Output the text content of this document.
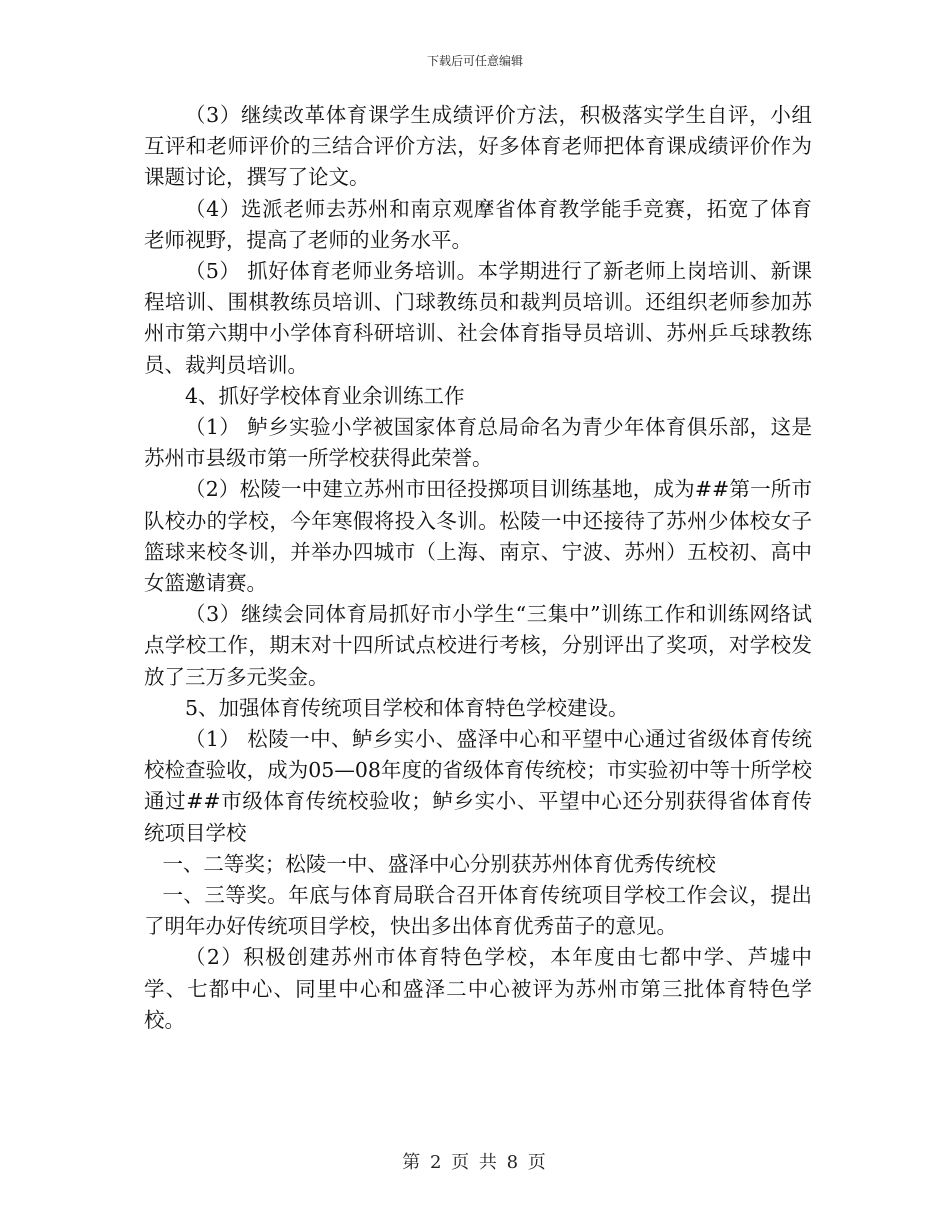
下载后可任意编辑

（3）继续改革体育课学生成绩评价方法，积极落实学生自评，小组互评和老师评价的三结合评价方法，好多体育老师把体育课成绩评价作为课题讨论，撰写了论文。

（4）选派老师去苏州和南京观摩省体育教学能手竞赛，拓宽了体育老师视野，提高了老师的业务水平。

（5） 抓好体育老师业务培训。本学期进行了新老师上岗培训、新课程培训、围棋教练员培训、门球教练员和裁判员培训。还组织老师参加苏州市第六期中小学体育科研培训、社会体育指导员培训、苏州乒乓球教练员、裁判员培训。

4、抓好学校体育业余训练工作

（1） 鲈乡实验小学被国家体育总局命名为青少年体育俱乐部，这是苏州市县级市第一所学校获得此荣誉。

（2）松陵一中建立苏州市田径投掷项目训练基地，成为##第一所市队校办的学校，今年寒假将投入冬训。松陵一中还接待了苏州少体校女子篮球来校冬训，并举办四城市（上海、南京、宁波、苏州）五校初、高中女篮邀请赛。

（3）继续会同体育局抓好市小学生“三集中”训练工作和训练网络试点学校工作，期末对十四所试点校进行考核，分别评出了奖项，对学校发放了三万多元奖金。

5、加强体育传统项目学校和体育特色学校建设。

（1） 松陵一中、鲈乡实小、盛泽中心和平望中心通过省级体育传统校检查验收，成为05—08年度的省级体育传统校；市实验初中等十所学校通过##市级体育传统校验收；鲈乡实小、平望中心还分别获得省体育传统项目学校

一、二等奖；松陵一中、盛泽中心分别获苏州体育优秀传统校

一、三等奖。年底与体育局联合召开体育传统项目学校工作会议，提出了明年办好传统项目学校，快出多出体育优秀苗子的意见。

（2）积极创建苏州市体育特色学校，本年度由七都中学、芦墟中学、七都中心、同里中心和盛泽二中心被评为苏州市第三批体育特色学校。

第 2 页 共 8 页
